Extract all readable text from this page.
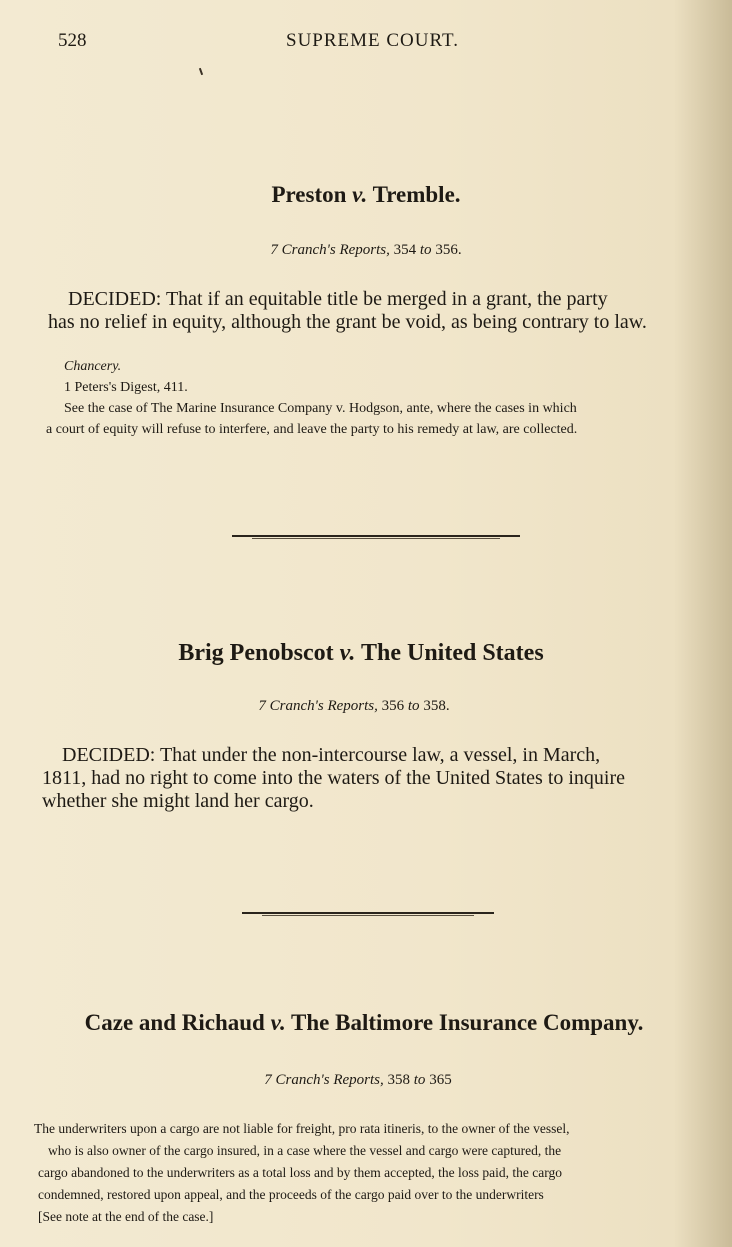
528	SUPREME COURT.
Preston v. Tremble.
7 Cranch's Reports, 354 to 356.
DECIDED: That if an equitable title be merged in a grant, the party
has no relief in equity, although the grant be void, as being contrary to law.
Chancery.
1 Peters's Digest, 411.
See the case of The Marine Insurance Company v. Hodgson, ante, where the cases in which
a court of equity will refuse to interfere, and leave the party to his remedy at law, are collected.
Brig Penobscot v. The United States
7 Cranch's Reports, 356 to 358.
DECIDED: That under the non-intercourse law, a vessel, in March,
1811, had no right to come into the waters of the United States to inquire
whether she might land her cargo.
Caze and Richaud v. The Baltimore Insurance Company.
7 Cranch's Reports, 358 to 365
The underwriters upon a cargo are not liable for freight, pro rata itineris, to the owner of the vessel,
who is also owner of the cargo insured, in a case where the vessel and cargo were captured, the
cargo abandoned to the underwriters as a total loss and by them accepted, the loss paid, the cargo
condemned, restored upon appeal, and the proceeds of the cargo paid over to the underwriters
[See note at the end of the case.]
